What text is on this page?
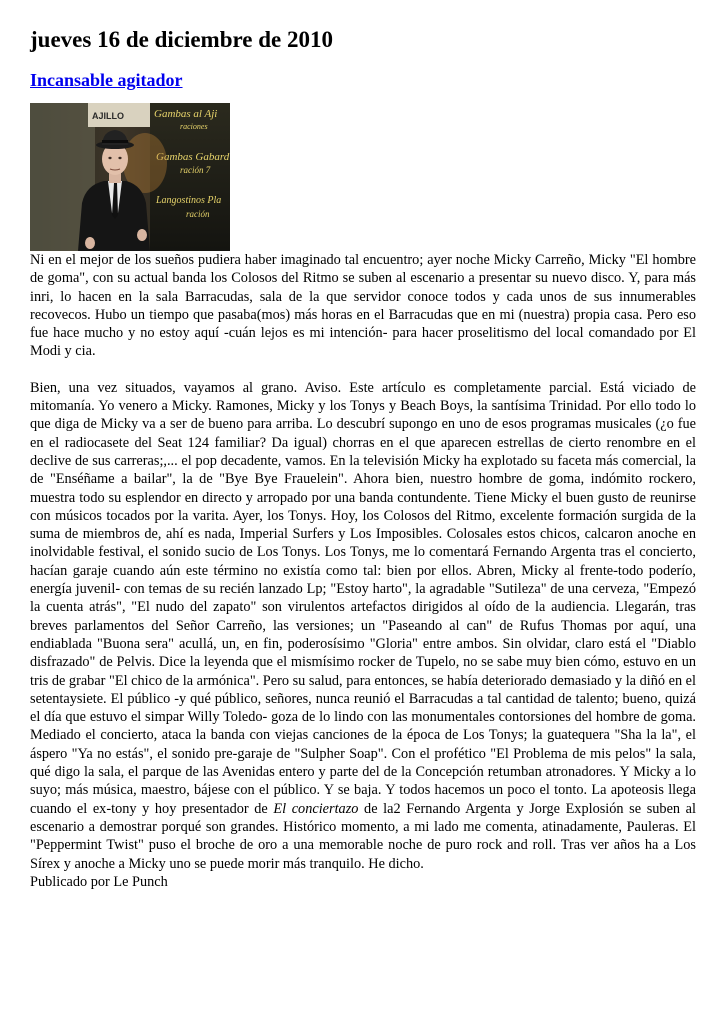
jueves 16 de diciembre de 2010
Incansable agitador
AJILLO	Gambas al Aji
raciones
Gambas Gabard
ración 7
Langostinos Pla
ración

Ni en el mejor de los sueños pudiera haber imaginado tal encuentro; ayer noche Micky Carreño, Micky "El hombre de goma", con su actual banda los Colosos del Ritmo se suben al escenario a presentar su nuevo disco. Y, para más inri, lo hacen en la sala Barracudas, sala de la que servidor conoce todos y cada unos de sus innumerables recovecos. Hubo un tiempo que pasaba(mos) más horas en el Barracudas que en mi (nuestra) propia casa. Pero eso fue hace mucho y no estoy aquí -cuán lejos es mi intención- para hacer proselitismo del local comandado por El Modi y cia.

Bien, una vez situados, vayamos al grano. Aviso. Este artículo es completamente parcial. Está viciado de mitomanía. Yo venero a Micky. Ramones, Micky y los Tonys y Beach Boys, la santísima Trinidad. Por ello todo lo que diga de Micky va a ser de bueno para arriba. Lo descubrí supongo en uno de esos programas musicales (¿o fue en el radiocasete del Seat 124 familiar? Da igual) chorras en el que aparecen estrellas de cierto renombre en el declive de sus carreras;,... el pop decadente, vamos. En la televisión Micky ha explotado su faceta más comercial, la de "Enséñame a bailar", la de "Bye Bye Frauelein". Ahora bien, nuestro hombre de goma, indómito rockero, muestra todo su esplendor en directo y arropado por una banda contundente. Tiene Micky el buen gusto de reunirse con músicos tocados por la varita. Ayer, los Tonys. Hoy, los Colosos del Ritmo, excelente formación surgida de la suma de miembros de, ahí es nada, Imperial Surfers y Los Imposibles. Colosales estos chicos, calcaron anoche en inolvidable festival, el sonido sucio de Los Tonys. Los Tonys, me lo comentará Fernando Argenta tras el concierto, hacían garaje cuando aún este término no existía como tal: bien por ellos. Abren, Micky al frente-todo poderío, energía juvenil- con temas de su recién lanzado Lp; "Estoy harto", la agradable "Sutileza" de una cerveza, "Empezó la cuenta atrás", "El nudo del zapato" son virulentos artefactos dirigidos al oído de la audiencia. Llegarán, tras breves parlamentos del Señor Carreño, las versiones; un "Paseando al can" de Rufus Thomas por aquí, una endiablada "Buona sera" acullá, un, en fin, poderosísimo "Gloria" entre ambos. Sin olvidar, claro está el "Diablo disfrazado" de Pelvis. Dice la leyenda que el mismísimo rocker de Tupelo, no se sabe muy bien cómo, estuvo en un tris de grabar "El chico de la armónica". Pero su salud, para entonces, se había deteriorado demasiado y la diñó en el setentaysiete. El público -y qué público, señores, nunca reunió el Barracudas a tal cantidad de talento; bueno, quizá el día que estuvo el simpar Willy Toledo- goza de lo lindo con las monumentales contorsiones del hombre de goma. Mediado el concierto, ataca la banda con viejas canciones de la época de Los Tonys; la guatequera "Sha la la", el áspero "Ya no estás", el sonido pre-garaje de "Sulpher Soap". Con el profético "El Problema de mis pelos" la sala, qué digo la sala, el parque de las Avenidas entero y parte del de la Concepción retumban atronadores. Y Micky a lo suyo; más música, maestro, bájese con el público. Y se baja. Y todos hacemos un poco el tonto. La apoteosis llega cuando el ex-tony y hoy presentador de El conciertazo de la2 Fernando Argenta y Jorge Explosión se suben al escenario a demostrar porqué son grandes. Histórico momento, a mi lado me comenta, atinadamente, Pauleras. El "Peppermint Twist" puso el broche de oro a una memorable noche de puro rock and roll. Tras ver años ha a Los Sírex y anoche a Micky uno se puede morir más tranquilo. He dicho.

Publicado por Le Punch
